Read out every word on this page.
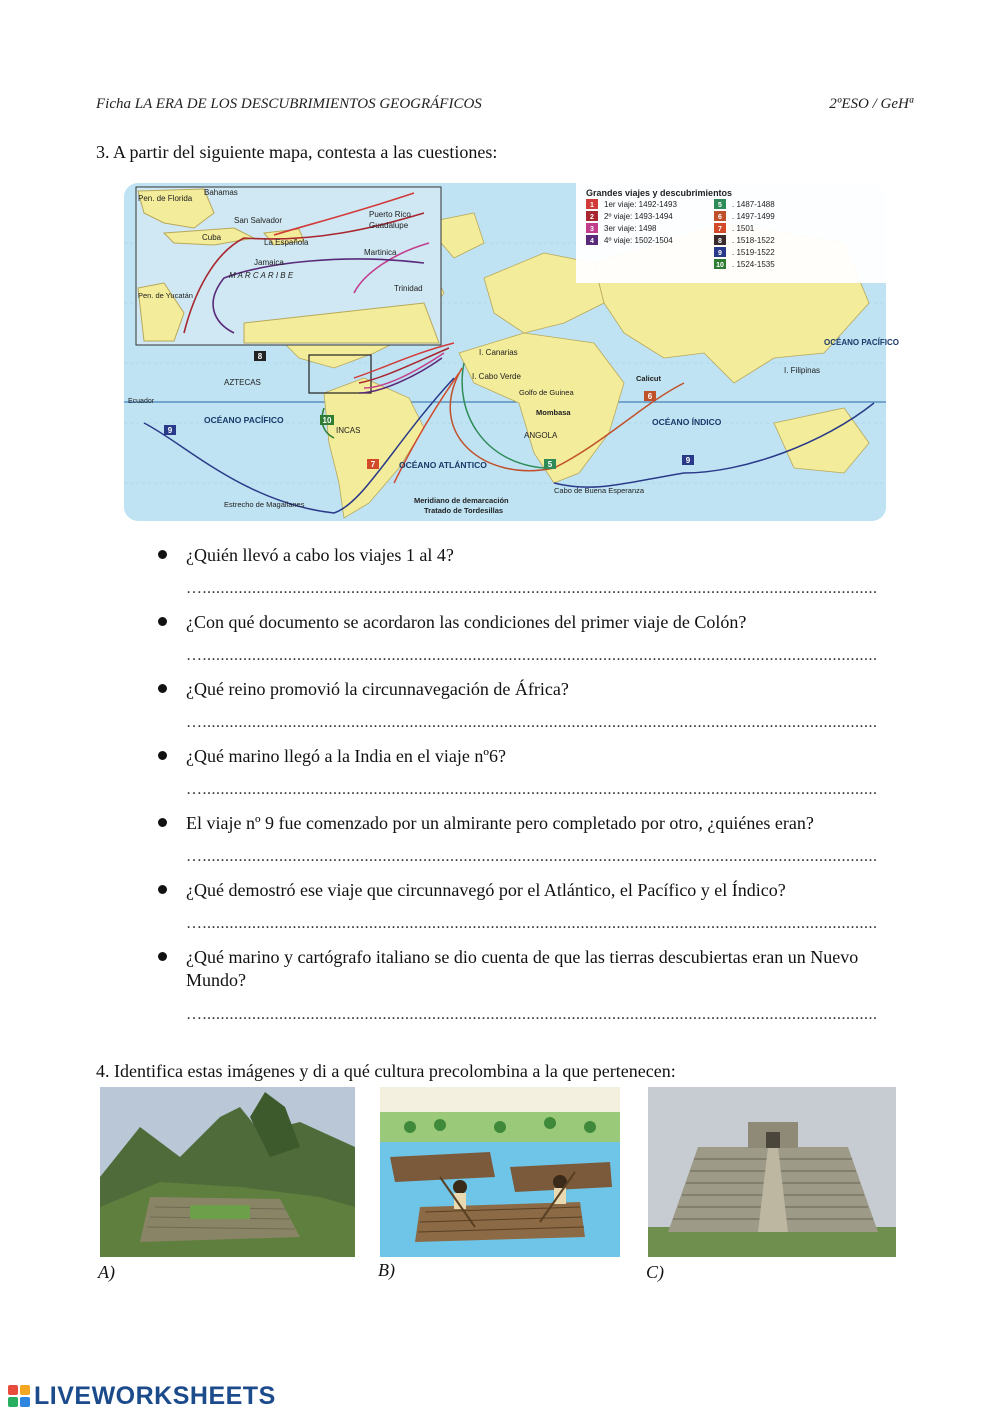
Ficha LA ERA DE LOS DESCUBRIMIENTOS GEOGRÁFICOS	2ºESO / GeHª
3. A partir del siguiente mapa, contesta a las cuestiones:
Pen. de Florida
Bahamas
San Salvador
Cuba
La Española
Puerto Rico
Guadalupe
Jamaica
Martinica
M A R C A R I B E
Trinidad
Pen. de Yucatán
8
9
7	5
6
9
10
AZTECAS
Ecuador
OCÉANO PACÍFICO
INCAS
I. Canarias
I. Cabo Verde
Golfo de Guinea
Mombasa
ANGOLA
Calicut
OCÉANO ÍNDICO
I. Filipinas
OCÉANO PACÍFICO
OCÉANO ATLÁNTICO
Cabo de Buena Esperanza
Meridiano de demarcación
Tratado de Tordesillas
Estrecho de Magallanes
Grandes viajes y descubrimientos
1 1er viaje: 1492-1493
2 2º viaje: 1493-1494
3 3er viaje: 1498
4 4º viaje: 1502-1504
5 . 1487-1488
6 . 1497-1499
7 . 1501
8 . 1518-1522
9 . 1519-1522
10 . 1524-1535
¿Quién llevó a cabo los viajes 1 al 4?
…......................................................................................................................................................
¿Con qué documento se acordaron las condiciones del primer viaje de Colón?
…......................................................................................................................................................
¿Qué reino promovió la circunnavegación de África?
…......................................................................................................................................................
¿Qué marino llegó a la India en el viaje nº6?
…......................................................................................................................................................
El viaje nº 9 fue comenzado por un almirante pero completado por otro, ¿quiénes eran?
…......................................................................................................................................................
¿Qué demostró ese viaje que circunnavegó por el Atlántico, el Pacífico y el Índico?
…......................................................................................................................................................
¿Qué marino y cartógrafo italiano se dio cuenta de que las tierras descubiertas eran un Nuevo Mundo?
…......................................................................................................................................................
4. Identifica estas imágenes y di a qué cultura precolombina a la que pertenecen:
A)	B)	C)
LIVEWORKSHEETS
